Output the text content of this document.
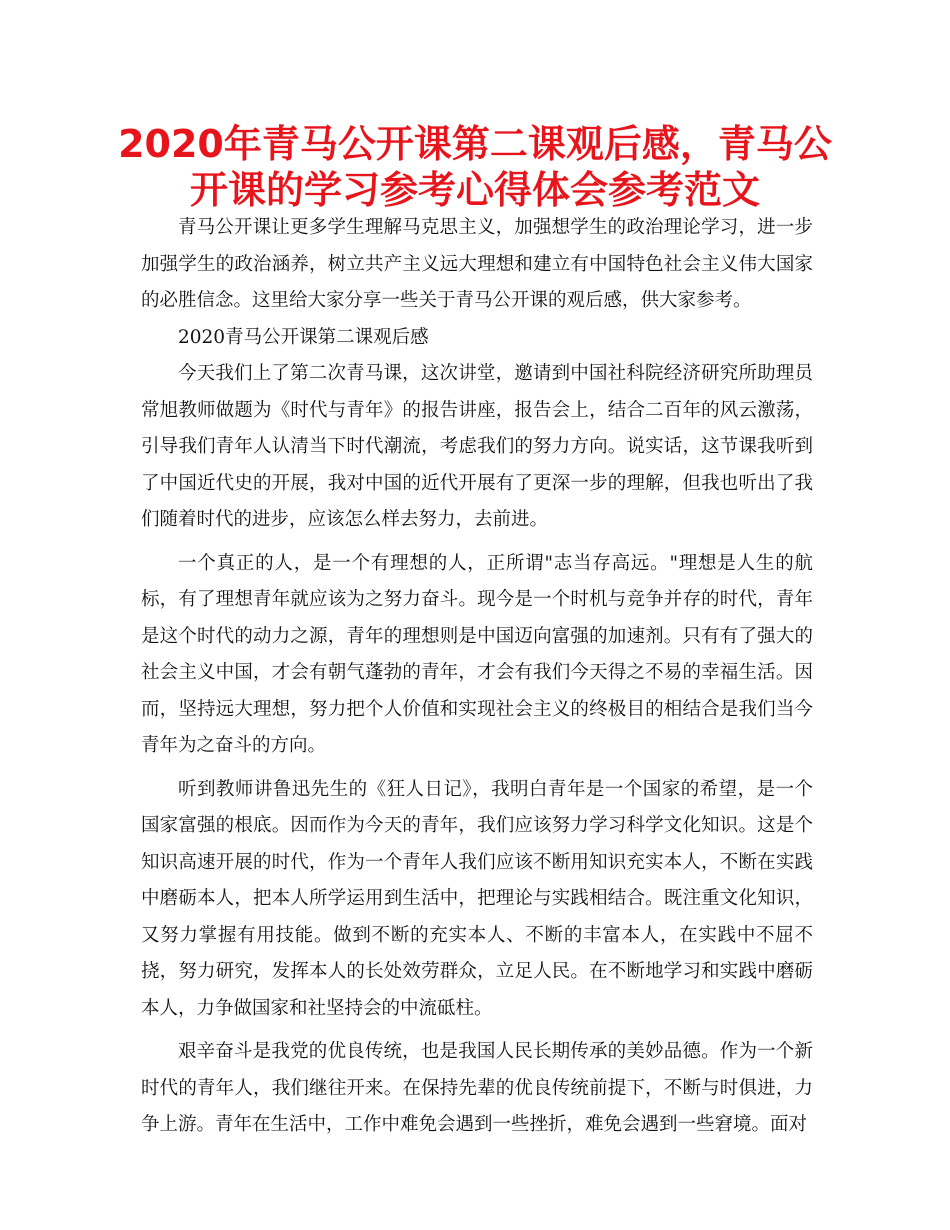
2020年青马公开课第二课观后感，青马公
开课的学习参考心得体会参考范文

青马公开课让更多学生理解马克思主义，加强想学生的政治理论学习，进一步加强学生的政治涵养，树立共产主义远大理想和建立有中国特色社会主义伟大国家的必胜信念。这里给大家分享一些关于青马公开课的观后感，供大家参考。

2020青马公开课第二课观后感

今天我们上了第二次青马课，这次讲堂，邀请到中国社科院经济研究所助理员常旭教师做题为《时代与青年》的报告讲座，报告会上，结合二百年的风云激荡，引导我们青年人认清当下时代潮流，考虑我们的努力方向。说实话，这节课我听到了中国近代史的开展，我对中国的近代开展有了更深一步的理解，但我也听出了我们随着时代的进步，应该怎么样去努力，去前进。

一个真正的人，是一个有理想的人，正所谓"志当存高远。"理想是人生的航标，有了理想青年就应该为之努力奋斗。现今是一个时机与竞争并存的时代，青年是这个时代的动力之源，青年的理想则是中国迈向富强的加速剂。只有有了强大的社会主义中国，才会有朝气蓬勃的青年，才会有我们今天得之不易的幸福生活。因而，坚持远大理想，努力把个人价值和实现社会主义的终极目的相结合是我们当今青年为之奋斗的方向。

听到教师讲鲁迅先生的《狂人日记》，我明白青年是一个国家的希望，是一个国家富强的根底。因而作为今天的青年，我们应该努力学习科学文化知识。这是个知识高速开展的时代，作为一个青年人我们应该不断用知识充实本人，不断在实践中磨砺本人，把本人所学运用到生活中，把理论与实践相结合。既注重文化知识，又努力掌握有用技能。做到不断的充实本人、不断的丰富本人，在实践中不屈不挠，努力研究，发挥本人的长处效劳群众，立足人民。在不断地学习和实践中磨砺本人，力争做国家和社坚持会的中流砥柱。

艰辛奋斗是我党的优良传统，也是我国人民长期传承的美妙品德。作为一个新时代的青年人，我们继往开来。在保持先辈的优良传统前提下，不断与时俱进，力争上游。青年在生活中，工作中难免会遇到一些挫折，难免会遇到一些窘境。面对
